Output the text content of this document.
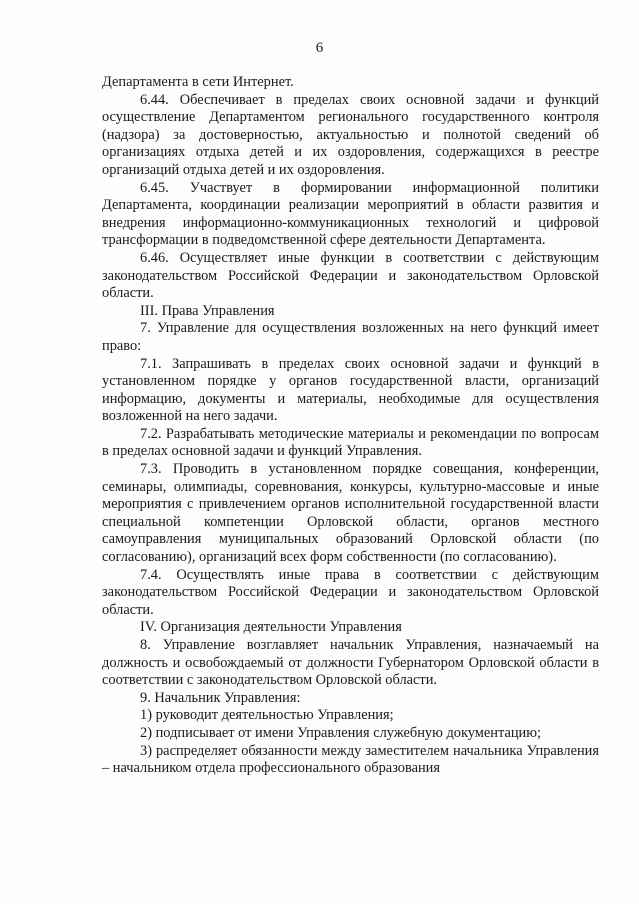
6

Департамента в сети Интернет.

6.44. Обеспечивает в пределах своих основной задачи и функций осуществление Департаментом регионального государственного контроля (надзора) за достоверностью, актуальностью и полнотой сведений об организациях отдыха детей и их оздоровления, содержащихся в реестре организаций отдыха детей и их оздоровления.

6.45. Участвует в формировании информационной политики Департамента, координации реализации мероприятий в области развития и внедрения информационно-коммуникационных технологий и цифровой трансформации в подведомственной сфере деятельности Департамента.

6.46. Осуществляет иные функции в соответствии с действующим законодательством Российской Федерации и законодательством Орловской области.

III. Права Управления

7. Управление для осуществления возложенных на него функций имеет право:

7.1. Запрашивать в пределах своих основной задачи и функций в установленном порядке у органов государственной власти, организаций информацию, документы и материалы, необходимые для осуществления возложенной на него задачи.

7.2. Разрабатывать методические материалы и рекомендации по вопросам в пределах основной задачи и функций Управления.

7.3. Проводить в установленном порядке совещания, конференции, семинары, олимпиады, соревнования, конкурсы, культурно-массовые и иные мероприятия с привлечением органов исполнительной государственной власти специальной компетенции Орловской области, органов местного самоуправления муниципальных образований Орловской области (по согласованию), организаций всех форм собственности (по согласованию).

7.4. Осуществлять иные права в соответствии с действующим законодательством Российской Федерации и законодательством Орловской области.

IV. Организация деятельности Управления

8. Управление возглавляет начальник Управления, назначаемый на должность и освобождаемый от должности Губернатором Орловской области в соответствии с законодательством Орловской области.

9. Начальник Управления:

1) руководит деятельностью Управления;

2) подписывает от имени Управления служебную документацию;

3) распределяет обязанности между заместителем начальника Управления – начальником отдела профессионального образования
